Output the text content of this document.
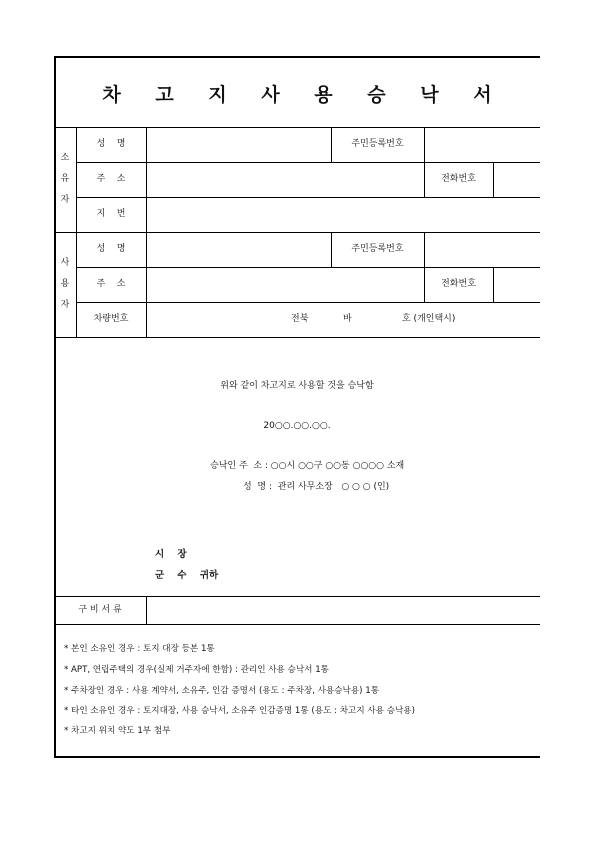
차 고 지 사 용 승 낙 서
소
유
자
성    명	주민등록번호
주    소	전화번호
지    번
사
용
자
성    명	주민등록번호
주    소	전화번호
차량번호	전북	바	호 (개인택시)
위와 같이 차고지로 사용할 것을 승낙함
20○○.○○.○○.
승낙인 주  소 : ○○시 ○○구 ○○동 ○○○○ 소재
성  명 :  관리 사무소장   ○ ○ ○ (인)
시    장
군    수    귀하
구 비 서 류
* 본인 소유인 경우 : 토지 대장 등본 1통
* APT, 연립주택의 경우(실제 거주자에 한함) : 관리인 사용 승낙서 1통
* 주차장인 경우 : 사용 계약서, 소유주, 인감 증명서 (용도 : 주차장, 사용승낙용) 1통
* 타인 소유인 경우 : 토지대장, 사용 승낙서, 소유주 인감증명 1통 (용도 : 차고지 사용 승낙용)
* 차고지 위치 약도 1부 첨부
